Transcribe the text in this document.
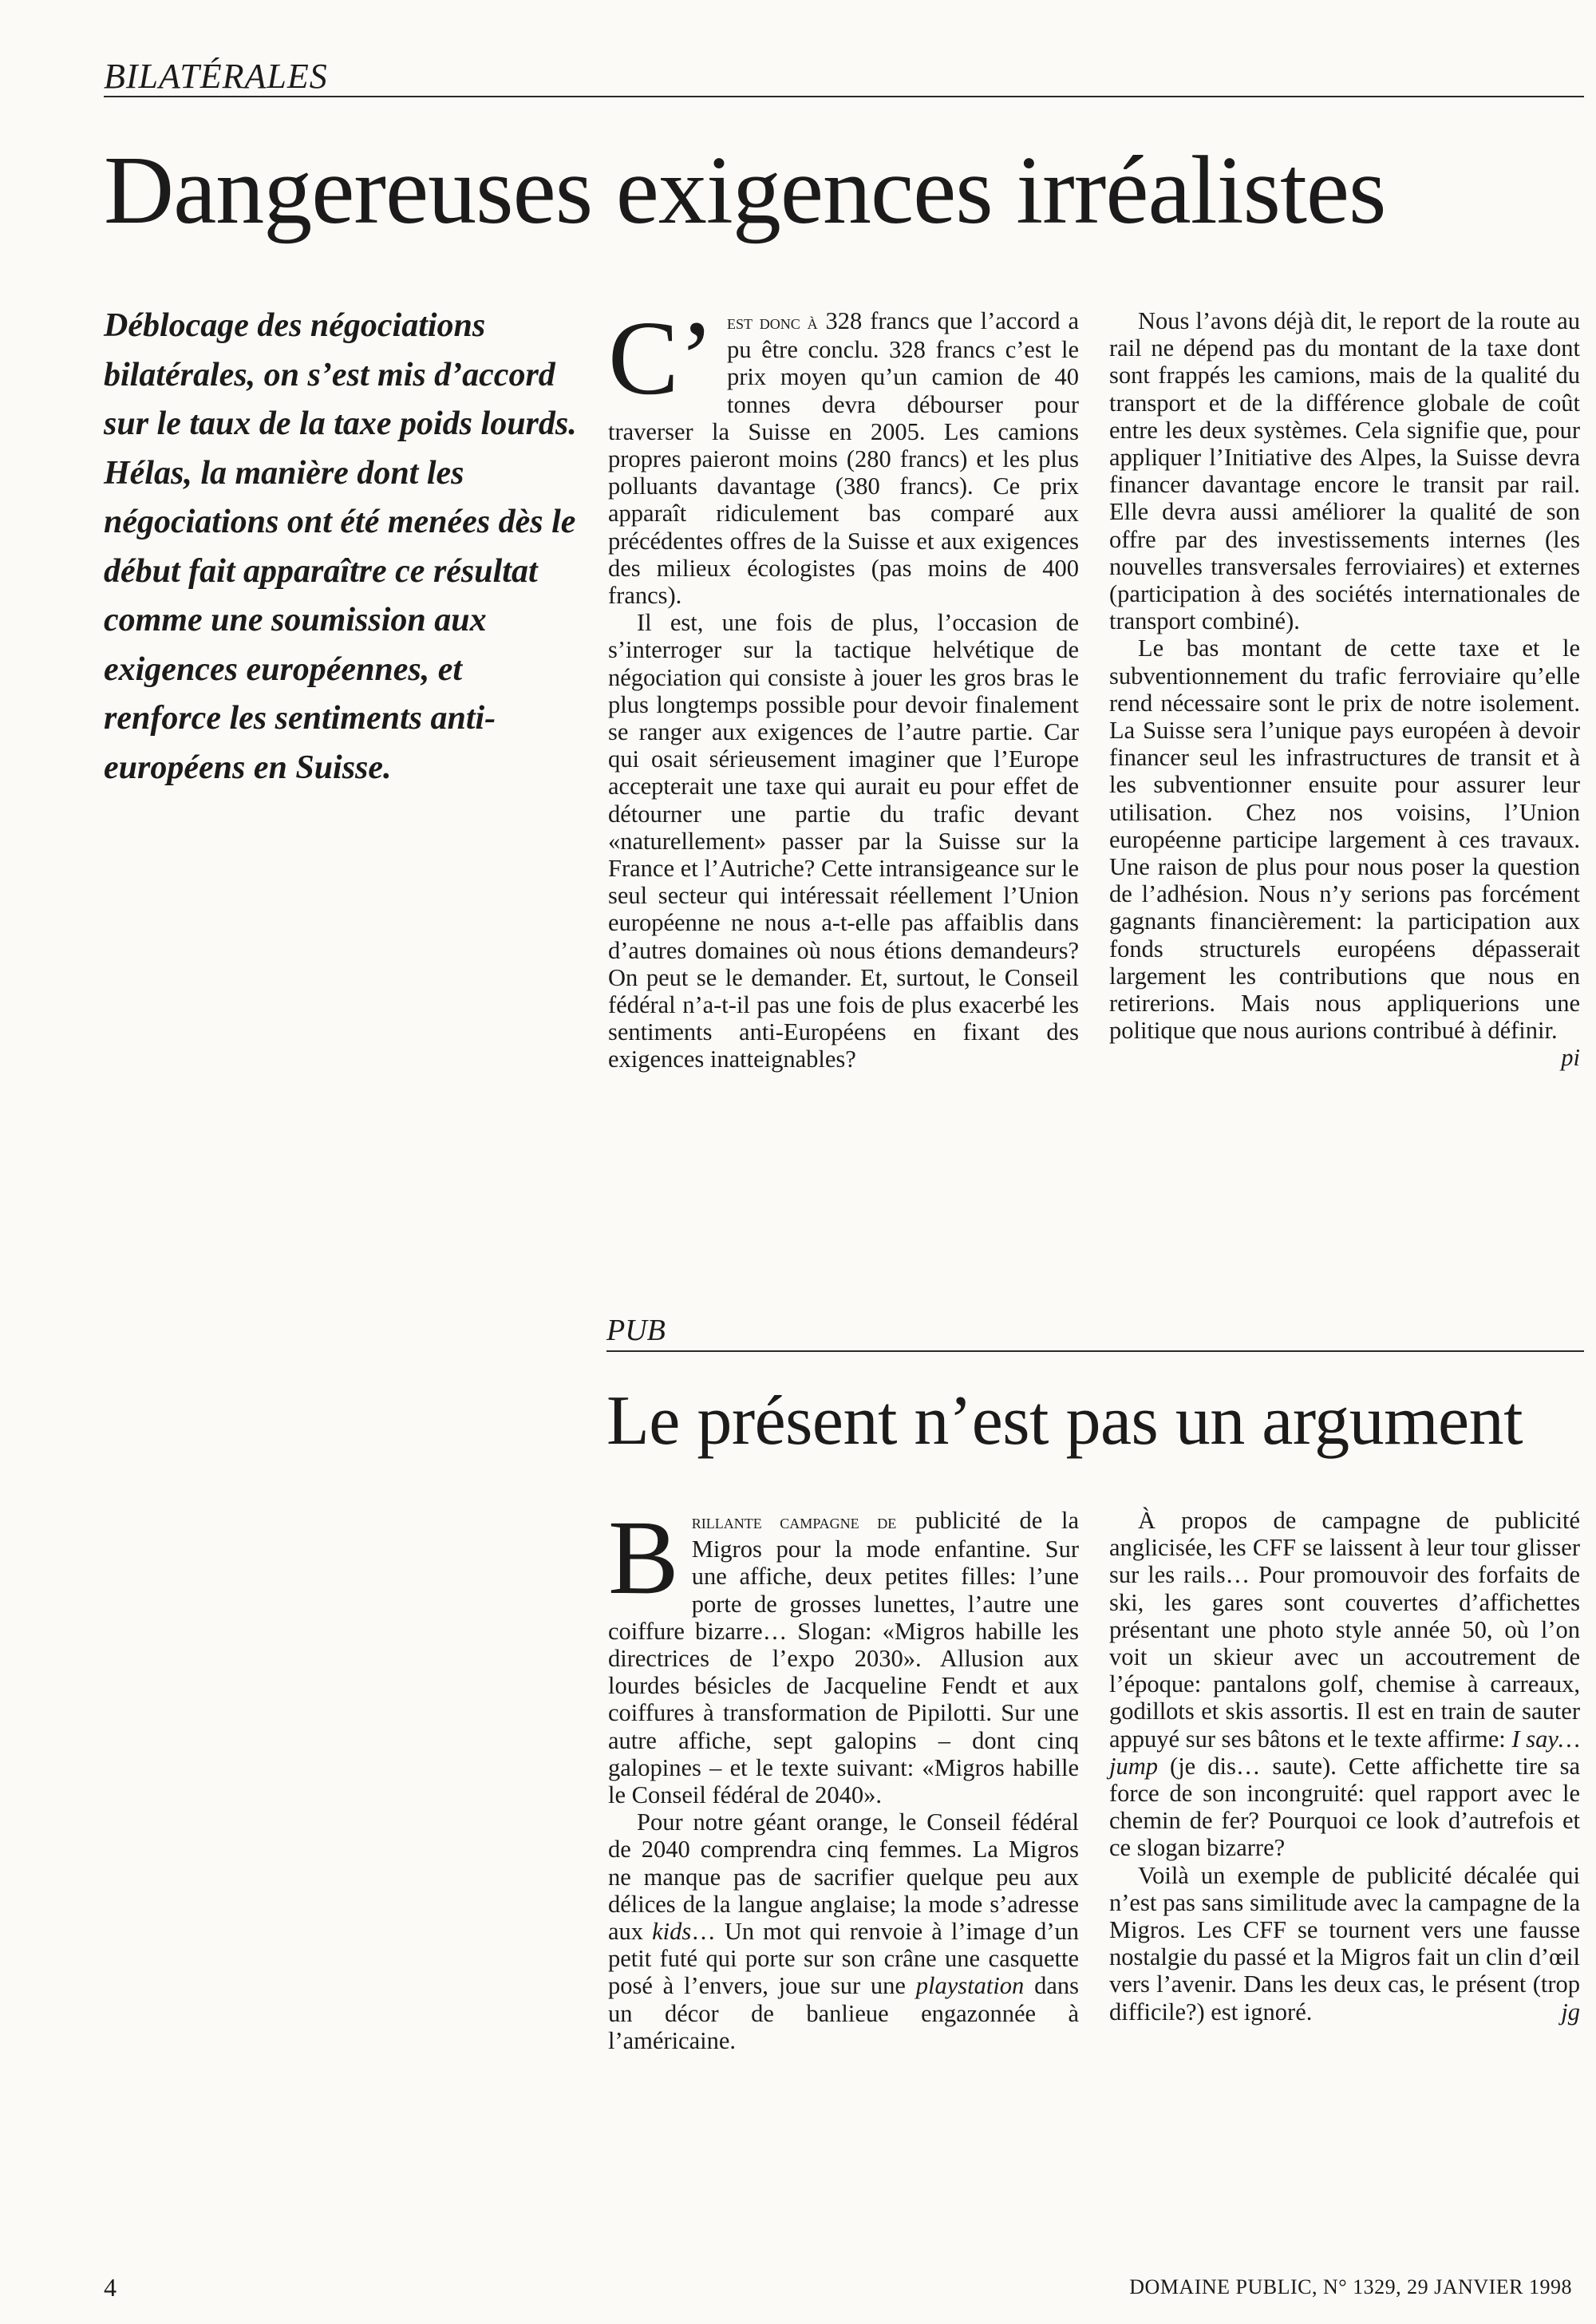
BILATÉRALES
Dangereuses exigences irréalistes
Déblocage des négociations bilatérales, on s’est mis d’accord sur le taux de la taxe poids lourds. Hélas, la manière dont les négociations ont été menées dès le début fait apparaître ce résultat comme une soumission aux exigences européennes, et renforce les sentiments anti-européens en Suisse.

C’ est donc à 328 francs que l’accord a pu être conclu. 328 francs c’est le prix moyen qu’un camion de 40 tonnes devra débourser pour traverser la Suisse en 2005. Les camions propres paieront moins (280 francs) et les plus polluants davantage (380 francs). Ce prix apparaît ridiculement bas comparé aux précédentes offres de la Suisse et aux exigences des milieux écologistes (pas moins de 400 francs).

Il est, une fois de plus, l’occasion de s’interroger sur la tactique helvétique de négociation qui consiste à jouer les gros bras le plus longtemps possible pour devoir finalement se ranger aux exigences de l’autre partie. Car qui osait sérieusement imaginer que l’Europe accepterait une taxe qui aurait eu pour effet de détourner une partie du trafic devant «naturellement» passer par la Suisse sur la France et l’Autriche? Cette intransigeance sur le seul secteur qui intéressait réellement l’Union européenne ne nous a-t-elle pas affaiblis dans d’autres domaines où nous étions demandeurs? On peut se le demander. Et, surtout, le Conseil fédéral n’a-t-il pas une fois de plus exacerbé les sentiments anti-Européens en fixant des exigences inatteignables?

Nous l’avons déjà dit, le report de la route au rail ne dépend pas du montant de la taxe dont sont frappés les camions, mais de la qualité du transport et de la différence globale de coût entre les deux systèmes. Cela signifie que, pour appliquer l’Initiative des Alpes, la Suisse devra financer davantage encore le transit par rail. Elle devra aussi améliorer la qualité de son offre par des investissements internes (les nouvelles transversales ferroviaires) et externes (participation à des sociétés internationales de transport combiné).

Le bas montant de cette taxe et le subventionnement du trafic ferroviaire qu’elle rend nécessaire sont le prix de notre isolement. La Suisse sera l’unique pays européen à devoir financer seul les infrastructures de transit et à les subventionner ensuite pour assurer leur utilisation. Chez nos voisins, l’Union européenne participe largement à ces travaux. Une raison de plus pour nous poser la question de l’adhésion. Nous n’y serions pas forcément gagnants financièrement: la participation aux fonds structurels européens dépasserait largement les contributions que nous en retirerions. Mais nous appliquerions une politique que nous aurions contribué à définir.
pi

PUB
Le présent n’est pas un argument

Brillante campagne de publicité de la Migros pour la mode enfantine. Sur une affiche, deux petites filles: l’une porte de grosses lunettes, l’autre une coiffure bizarre… Slogan: «Migros habille les directrices de l’expo 2030». Allusion aux lourdes bésicles de Jacqueline Fendt et aux coiffures à transformation de Pipilotti. Sur une autre affiche, sept galopins – dont cinq galopines – et le texte suivant: «Migros habille le Conseil fédéral de 2040».

Pour notre géant orange, le Conseil fédéral de 2040 comprendra cinq femmes. La Migros ne manque pas de sacrifier quelque peu aux délices de la langue anglaise; la mode s’adresse aux kids… Un mot qui renvoie à l’image d’un petit futé qui porte sur son crâne une casquette posé à l’envers, joue sur une playstation dans un décor de banlieue engazonnée à l’américaine.

À propos de campagne de publicité anglicisée, les CFF se laissent à leur tour glisser sur les rails… Pour promouvoir des forfaits de ski, les gares sont couvertes d’affichettes présentant une photo style année 50, où l’on voit un skieur avec un accoutrement de l’époque: pantalons golf, chemise à carreaux, godillots et skis assortis. Il est en train de sauter appuyé sur ses bâtons et le texte affirme: I say… jump (je dis… saute). Cette affichette tire sa force de son incongruité: quel rapport avec le chemin de fer? Pourquoi ce look d’autrefois et ce slogan bizarre?

Voilà un exemple de publicité décalée qui n’est pas sans similitude avec la campagne de la Migros. Les CFF se tournent vers une fausse nostalgie du passé et la Migros fait un clin d’œil vers l’avenir. Dans les deux cas, le présent (trop difficile?) est ignoré.	jg

4	DOMAINE PUBLIC, N° 1329, 29 JANVIER 1998
